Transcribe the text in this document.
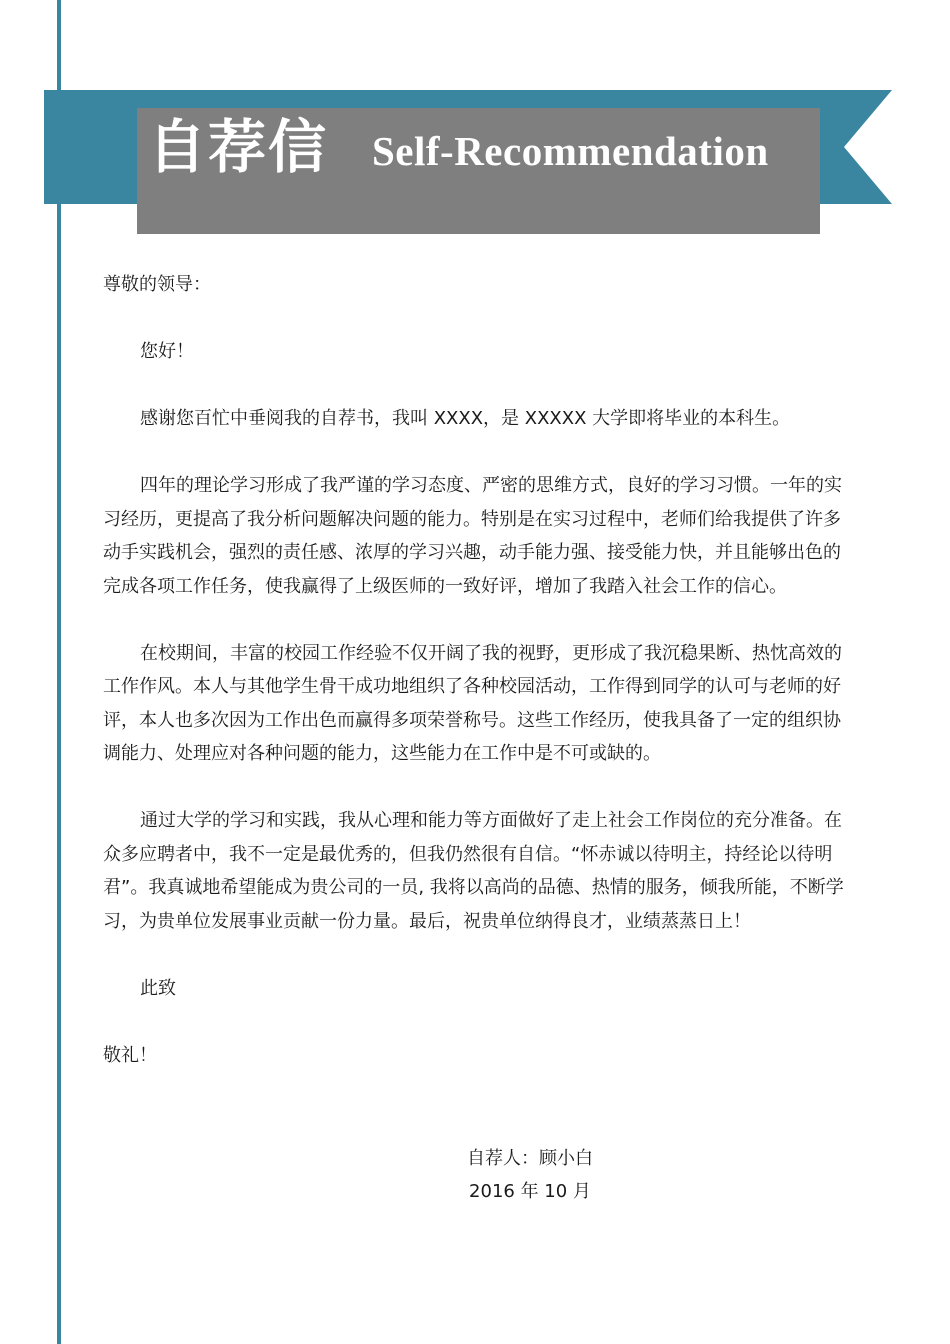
自荐信 Self-Recommendation

尊敬的领导：

您好！

感谢您百忙中垂阅我的自荐书，我叫 XXXX，是 XXXXX 大学即将毕业的本科生。

四年的理论学习形成了我严谨的学习态度、严密的思维方式，良好的学习习惯。一年的实习经历，更提高了我分析问题解决问题的能力。特别是在实习过程中，老师们给我提供了许多动手实践机会，强烈的责任感、浓厚的学习兴趣，动手能力强、接受能力快，并且能够出色的完成各项工作任务，使我赢得了上级医师的一致好评，增加了我踏入社会工作的信心。

在校期间，丰富的校园工作经验不仅开阔了我的视野，更形成了我沉稳果断、热忱高效的工作作风。本人与其他学生骨干成功地组织了各种校园活动，工作得到同学的认可与老师的好评，本人也多次因为工作出色而赢得多项荣誉称号。这些工作经历，使我具备了一定的组织协调能力、处理应对各种问题的能力，这些能力在工作中是不可或缺的。

通过大学的学习和实践，我从心理和能力等方面做好了走上社会工作岗位的充分准备。在众多应聘者中，我不一定是最优秀的，但我仍然很有自信。“怀赤诚以待明主，持经论以待明君”。我真诚地希望能成为贵公司的一员, 我将以高尚的品德、热情的服务，倾我所能，不断学习，为贵单位发展事业贡献一份力量。最后，祝贵单位纳得良才，业绩蒸蒸日上！

此致

敬礼！

自荐人：顾小白
2016 年 10 月
